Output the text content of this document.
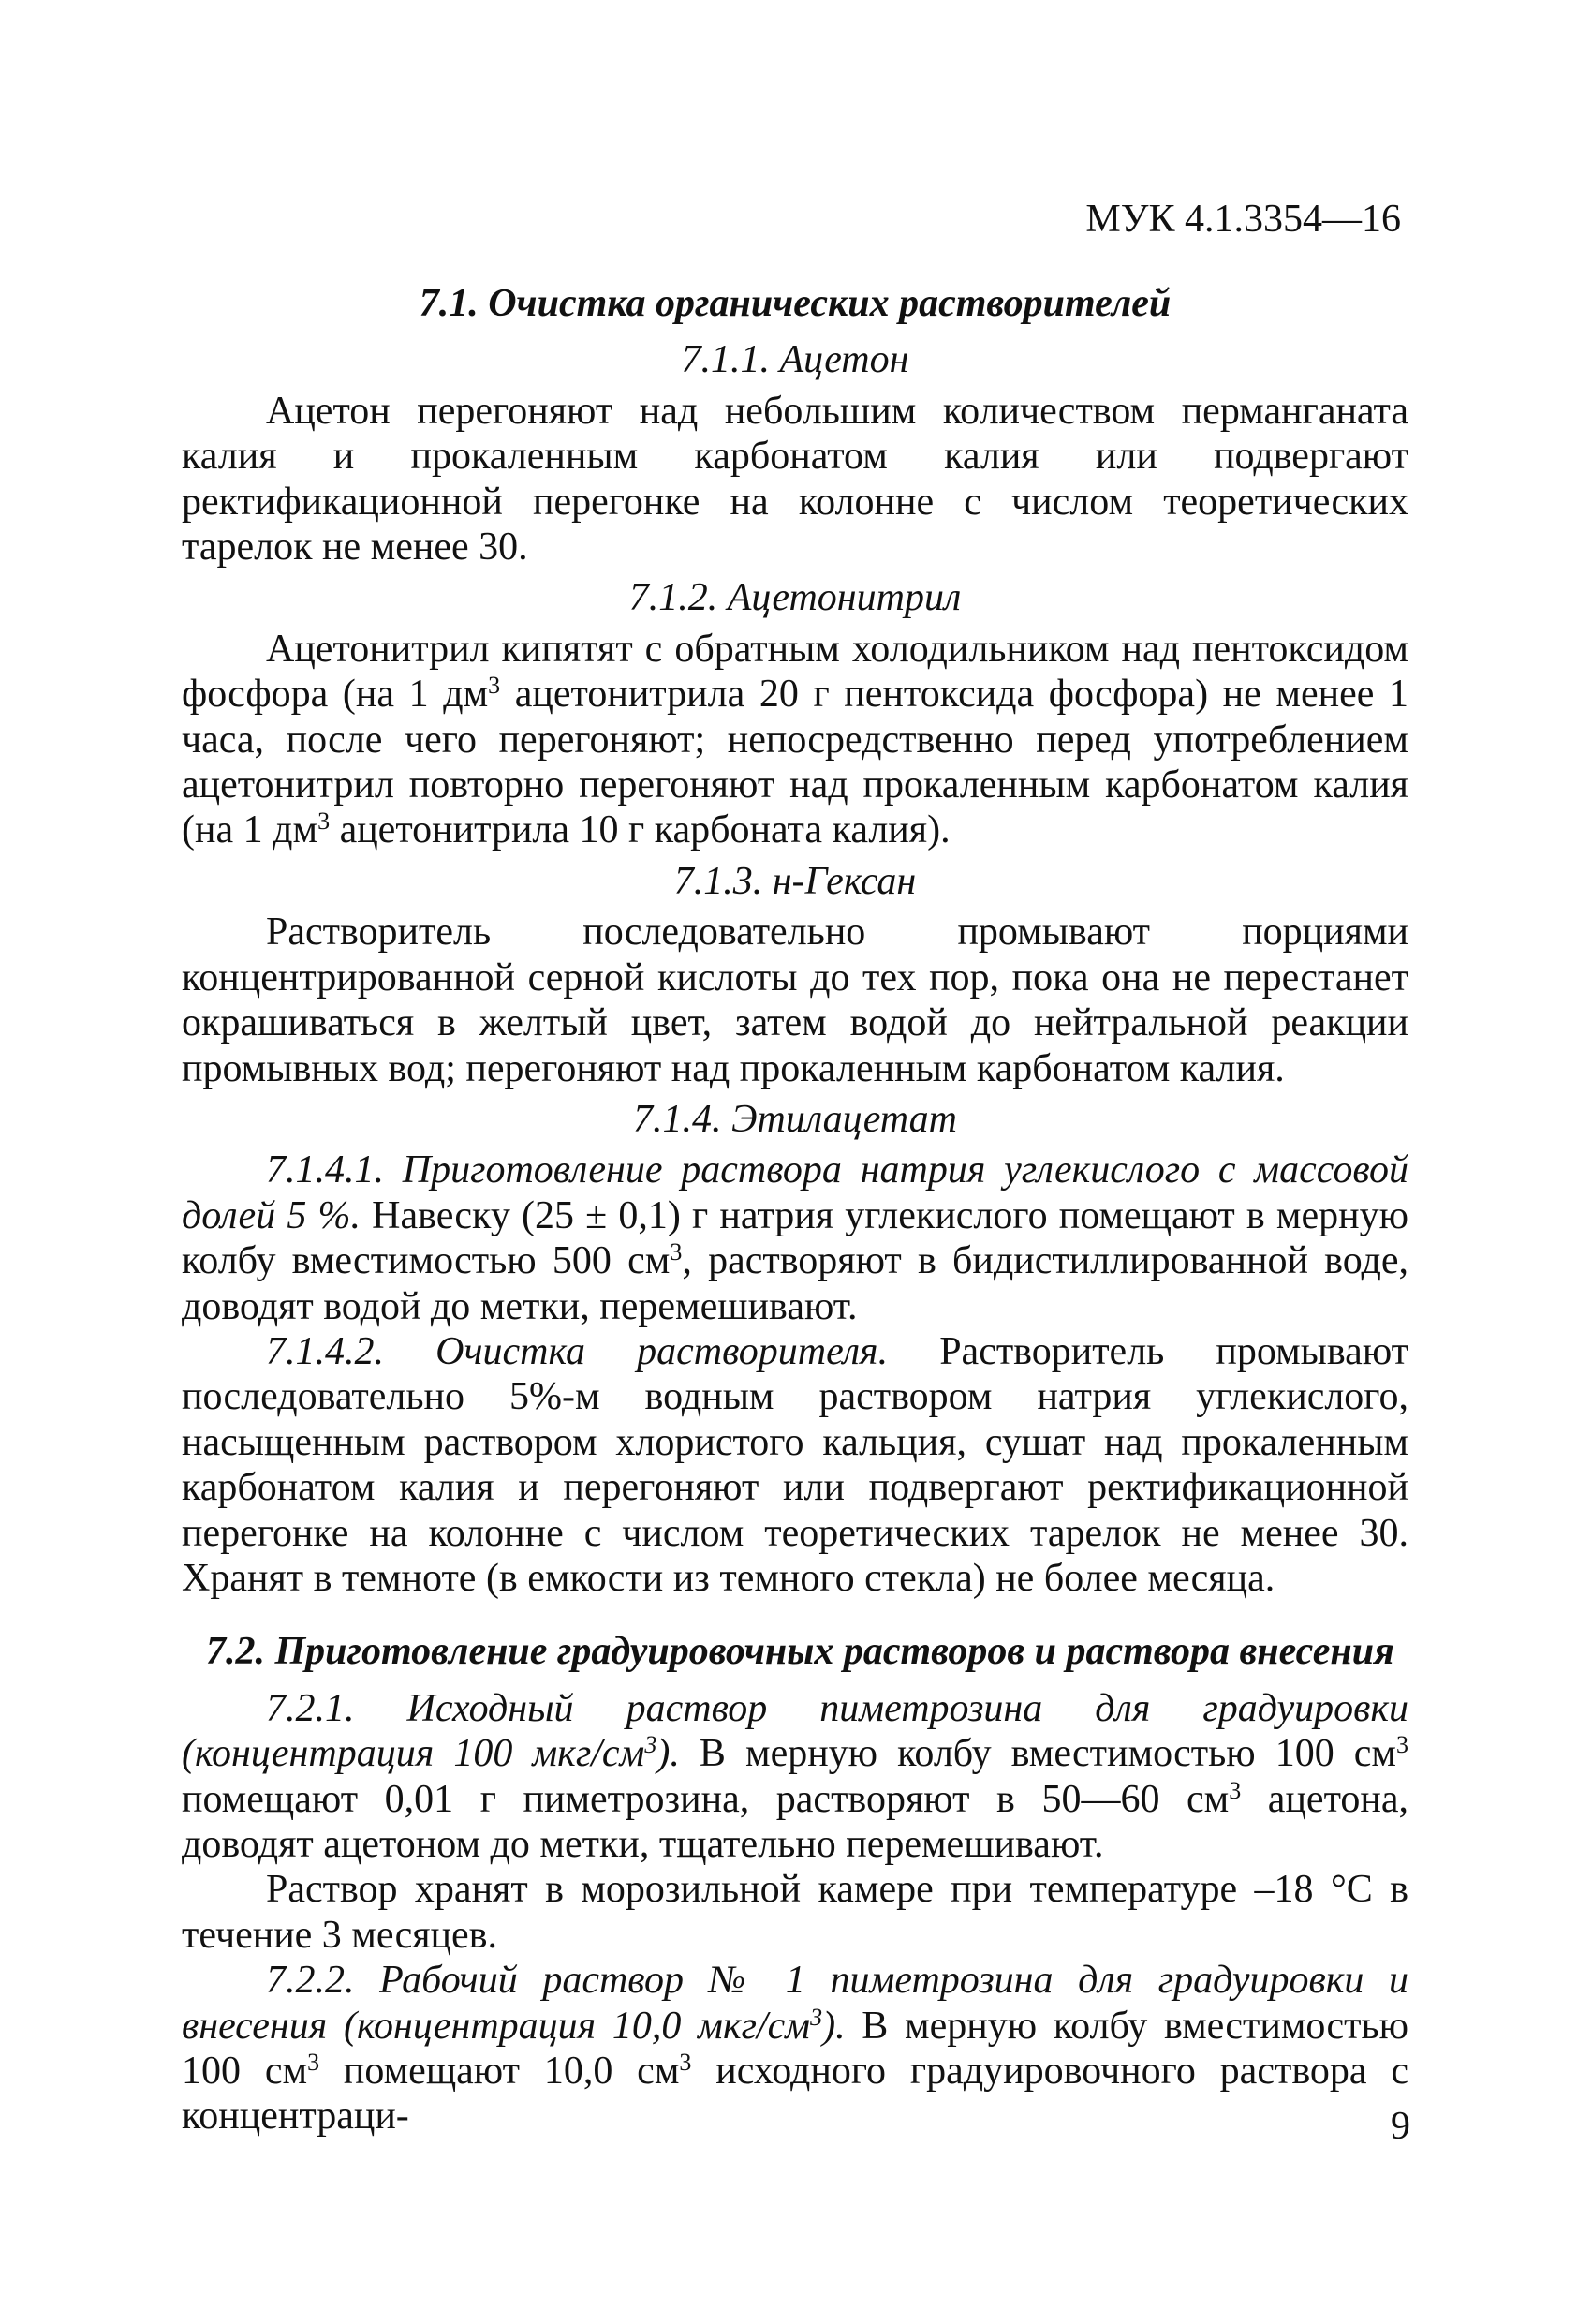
МУК 4.1.3354—16
7.1. Очистка органических растворителей
7.1.1. Ацетон

Ацетон перегоняют над небольшим количеством перманганата калия и прокаленным карбонатом калия или подвергают ректификационной перегонке на колонне с числом теоретических тарелок не менее 30.

7.1.2. Ацетонитрил

Ацетонитрил кипятят с обратным холодильником над пентоксидом фосфора (на 1 $дм^3$ ацетонитрила 20 г пентоксида фосфора) не менее 1 часа, после чего перегоняют; непосредственно перед употреблением ацетонитрил повторно перегоняют над прокаленным карбонатом калия (на 1 $дм^3$ ацетонитрила 10 г карбоната калия).

7.1.3. н-Гексан

Растворитель последовательно промывают порциями концентрированной серной кислоты до тех пор, пока она не перестанет окрашиваться в желтый цвет, затем водой до нейтральной реакции промывных вод; перегоняют над прокаленным карбонатом калия.

7.1.4. Этилацетат

7.1.4.1. Приготовление раствора натрия углекислого с массовой долей 5 %. Навеску (25 ± 0,1) г натрия углекислого помещают в мерную колбу вместимостью 500 $см^3$, растворяют в бидистиллированной воде, доводят водой до метки, перемешивают.

7.1.4.2. Очистка растворителя. Растворитель промывают последовательно 5%-м водным раствором натрия углекислого, насыщенным раствором хлористого кальция, сушат над прокаленным карбонатом калия и перегоняют или подвергают ректификационной перегонке на колонне с числом теоретических тарелок не менее 30. Хранят в темноте (в емкости из темного стекла) не более месяца.

7.2. Приготовление градуировочных растворов и раствора внесения

7.2.1. Исходный раствор пиметрозина для градуировки (концентрация 100 мкг/$см^3$). В мерную колбу вместимостью 100 $см^3$ помещают 0,01 г пиметрозина, растворяют в 50—60 $см^3$ ацетона, доводят ацетоном до метки, тщательно перемешивают.

Раствор хранят в морозильной камере при температуре –18 °С в течение 3 месяцев.

7.2.2. Рабочий раствор № 1 пиметрозина для градуировки и внесения (концентрация 10,0 мкг/$см^3$). В мерную колбу вместимостью 100 $см^3$ помещают 10,0 $см^3$ исходного градуировочного раствора с концентраци-	9
